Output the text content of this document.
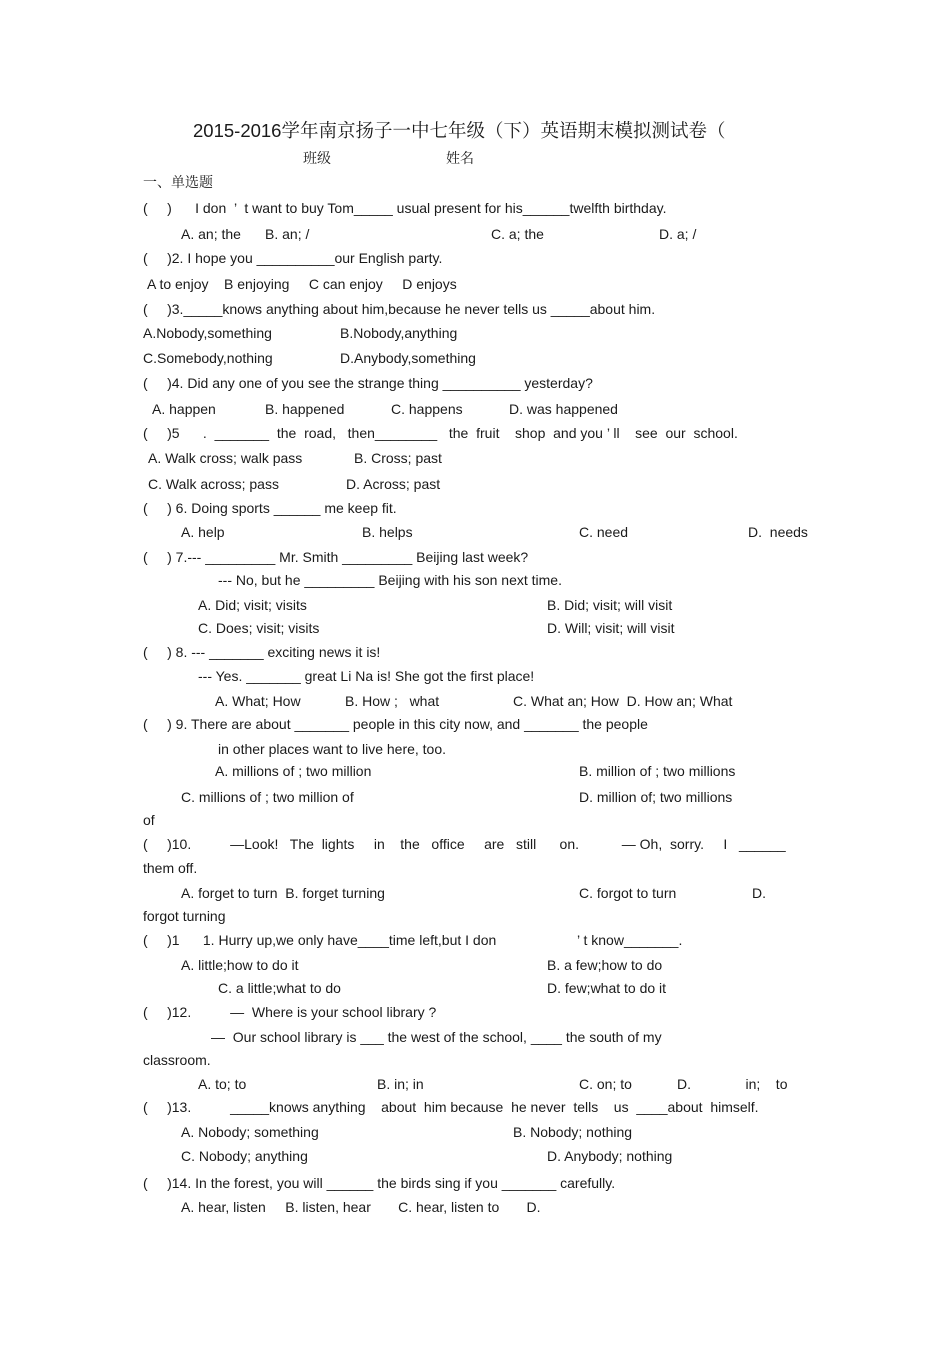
2015-2016学年南京扬子一中七年级（下）英语期末模拟测试卷（
班级	姓名
一、单选题
(     )      I don  ’  t want to buy Tom_____ usual present for his______twelfth birthday.
A. an; the B. an; /	C. a; the	D. a; /
(     )2. I hope you __________our English party.
A to enjoy    B enjoying     C can enjoy     D enjoys
(     )3._____knows anything about him,because he never tells us _____about him.
A.Nobody,something	B.Nobody,anything
C.Somebody,nothing	D.Anybody,something
(     )4. Did any one of you see the strange thing __________ yesterday?
A. happen	B. happened	C. happens	D. was happened
(     )5      .  _______  the  road,   then________   the  fruit    shop  and you ’ ll    see  our  school.
A. Walk cross; walk pass	B. Cross; past
C. Walk across; pass	D. Across; past
(     ) 6. Doing sports ______ me keep fit.
A. help	B. helps	C. need	D.  needs
(     ) 7.--- _________ Mr. Smith _________ Beijing last week?
--- No, but he _________ Beijing with his son next time.
A. Did; visit; visits	B. Did; visit; will visit
C. Does; visit; visits	D. Will; visit; will visit
(     ) 8. --- _______ exciting news it is!
--- Yes. _______ great Li Na is! She got the first place!
A. What; How	B. How ;   what	C. What an; How  D. How an; What
(     ) 9. There are about _______ people in this city now, and _______ the people
in other places want to live here, too.
A. millions of ; two million	B. million of ; two millions
C. millions of ; two million of	D. million of; two millions
of
(     )10.          —Look!   The  lights     in    the   office     are   still      on.           — Oh,  sorry.     I   ______
them off.
A. forget to turn  B. forget turning	C. forgot to turn	D.
forgot turning
(     )1      1. Hurry up,we only have____time left,but I don	’ t know_______.
A. little;how to do it	B. a few;how to do
C. a little;what to do	D. few;what to do it
(     )12.          —  Where is your school library ?
—  Our school library is ___ the west of the school, ____ the south of my
classroom.
A. to; to	B. in; in	C. on; to	D.              in;    to
(     )13.          _____knows anything    about  him because  he never  tells    us  ____about  himself.
A. Nobody; something	B. Nobody; nothing
C. Nobody; anything	D. Anybody; nothing
(     )14. In the forest, you will ______ the birds sing if you _______ carefully.
A. hear, listen     B. listen, hear       C. hear, listen to       D.
